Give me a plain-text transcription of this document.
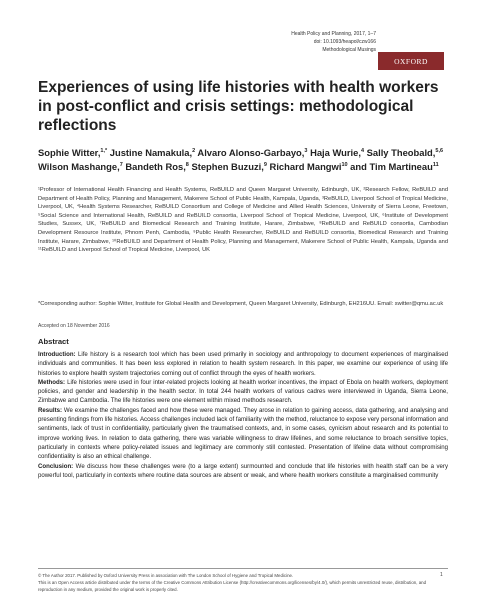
Health Policy and Planning, 2017, 1–7
doi: 10.1093/heapol/czw166
Methodological Musings
OXFORD
Experiences of using life histories with health workers in post-conflict and crisis settings: methodological reflections
Sophie Witter,$^{1,*}$ Justine Namakula,$^2$ Alvaro Alonso-Garbayo,$^3$ Haja Wurie,$^4$ Sally Theobald,$^{5,6}$ Wilson Mashange,$^7$ Bandeth Ros,$^8$ Stephen Buzuzi,$^9$ Richard Mangwi$^{10}$ and Tim Martineau$^{11}$

¹Professor of International Health Financing and Health Systems, ReBUILD and Queen Margaret University, Edinburgh, UK, ²Research Fellow, ReBUILD and Department of Health Policy, Planning and Management, Makerere School of Public Health, Kampala, Uganda, ³ReBUILD, Liverpool School of Tropical Medicine, Liverpool, UK, ⁴Health Systems Researcher, ReBUILD Consortium and College of Medicine and Allied Health Sciences, University of Sierra Leone, Freetown, ⁵Social Science and International Health, ReBUILD and ReBUILD consortia, Liverpool School of Tropical Medicine, Liverpool, UK, ⁶Institute of Development Studies, Sussex, UK, ⁷ReBUILD and Biomedical Research and Training Institute, Harare, Zimbabwe, ⁸ReBUILD and ReBUILD consortia, Cambodian Development Resource Institute, Phnom Penh, Cambodia, ⁹Public Health Researcher, ReBUILD and ReBUILD consortia, Biomedical Research and Training Institute, Harare, Zimbabwe, ¹⁰ReBUILD and Department of Health Policy, Planning and Management, Makerere School of Public Health, Kampala, Uganda and ¹¹ReBUILD and Liverpool School of Tropical Medicine, Liverpool, UK

*Corresponding author: Sophie Witter, Institute for Global Health and Development, Queen Margaret University, Edinburgh, EH216UU. Email: switter@qmu.ac.uk

Accepted on 18 November 2016

Abstract

Introduction: Life history is a research tool which has been used primarily in sociology and anthropology to document experiences of marginalised individuals and communities. It has been less explored in relation to health system research. In this paper, we examine our experience of using life histories to explore health system trajectories coming out of conflict through the eyes of health workers.

Methods: Life histories were used in four inter-related projects looking at health worker incentives, the impact of Ebola on health workers, deployment policies, and gender and leadership in the health sector. In total 244 health workers of various cadres were interviewed in Uganda, Sierra Leone, Zimbabwe and Cambodia. The life histories were one element within mixed methods research.

Results: We examine the challenges faced and how these were managed. They arose in relation to gaining access, data gathering, and analysing and presenting findings from life histories. Access challenges included lack of familiarity with the method, reluctance to expose very personal information and sentiments, lack of trust in confidentiality, particularly given the traumatised contexts, and, in some cases, cynicism about research and its potential to improve working lives. In relation to data gathering, there was variable willingness to draw lifelines, and some reluctance to broach sensitive topics, particularly in contexts where policy-related issues and legitimacy are commonly still contested. Presentation of lifeline data without compromising confidentiality is also an ethical challenge.

Conclusion: We discuss how these challenges were (to a large extent) surmounted and conclude that life histories with health staff can be a very powerful tool, particularly in contexts where routine data sources are absent or weak, and where health workers constitute a marginalised community

© The Author 2017. Published by Oxford University Press in association with The London School of Hygiene and Tropical Medicine.
This is an Open Access article distributed under the terms of the Creative Commons Attribution License (http://creativecommons.org/licenses/by/4.0/), which permits unrestricted reuse, distribution, and reproduction in any medium, provided the original work is properly cited.
1
